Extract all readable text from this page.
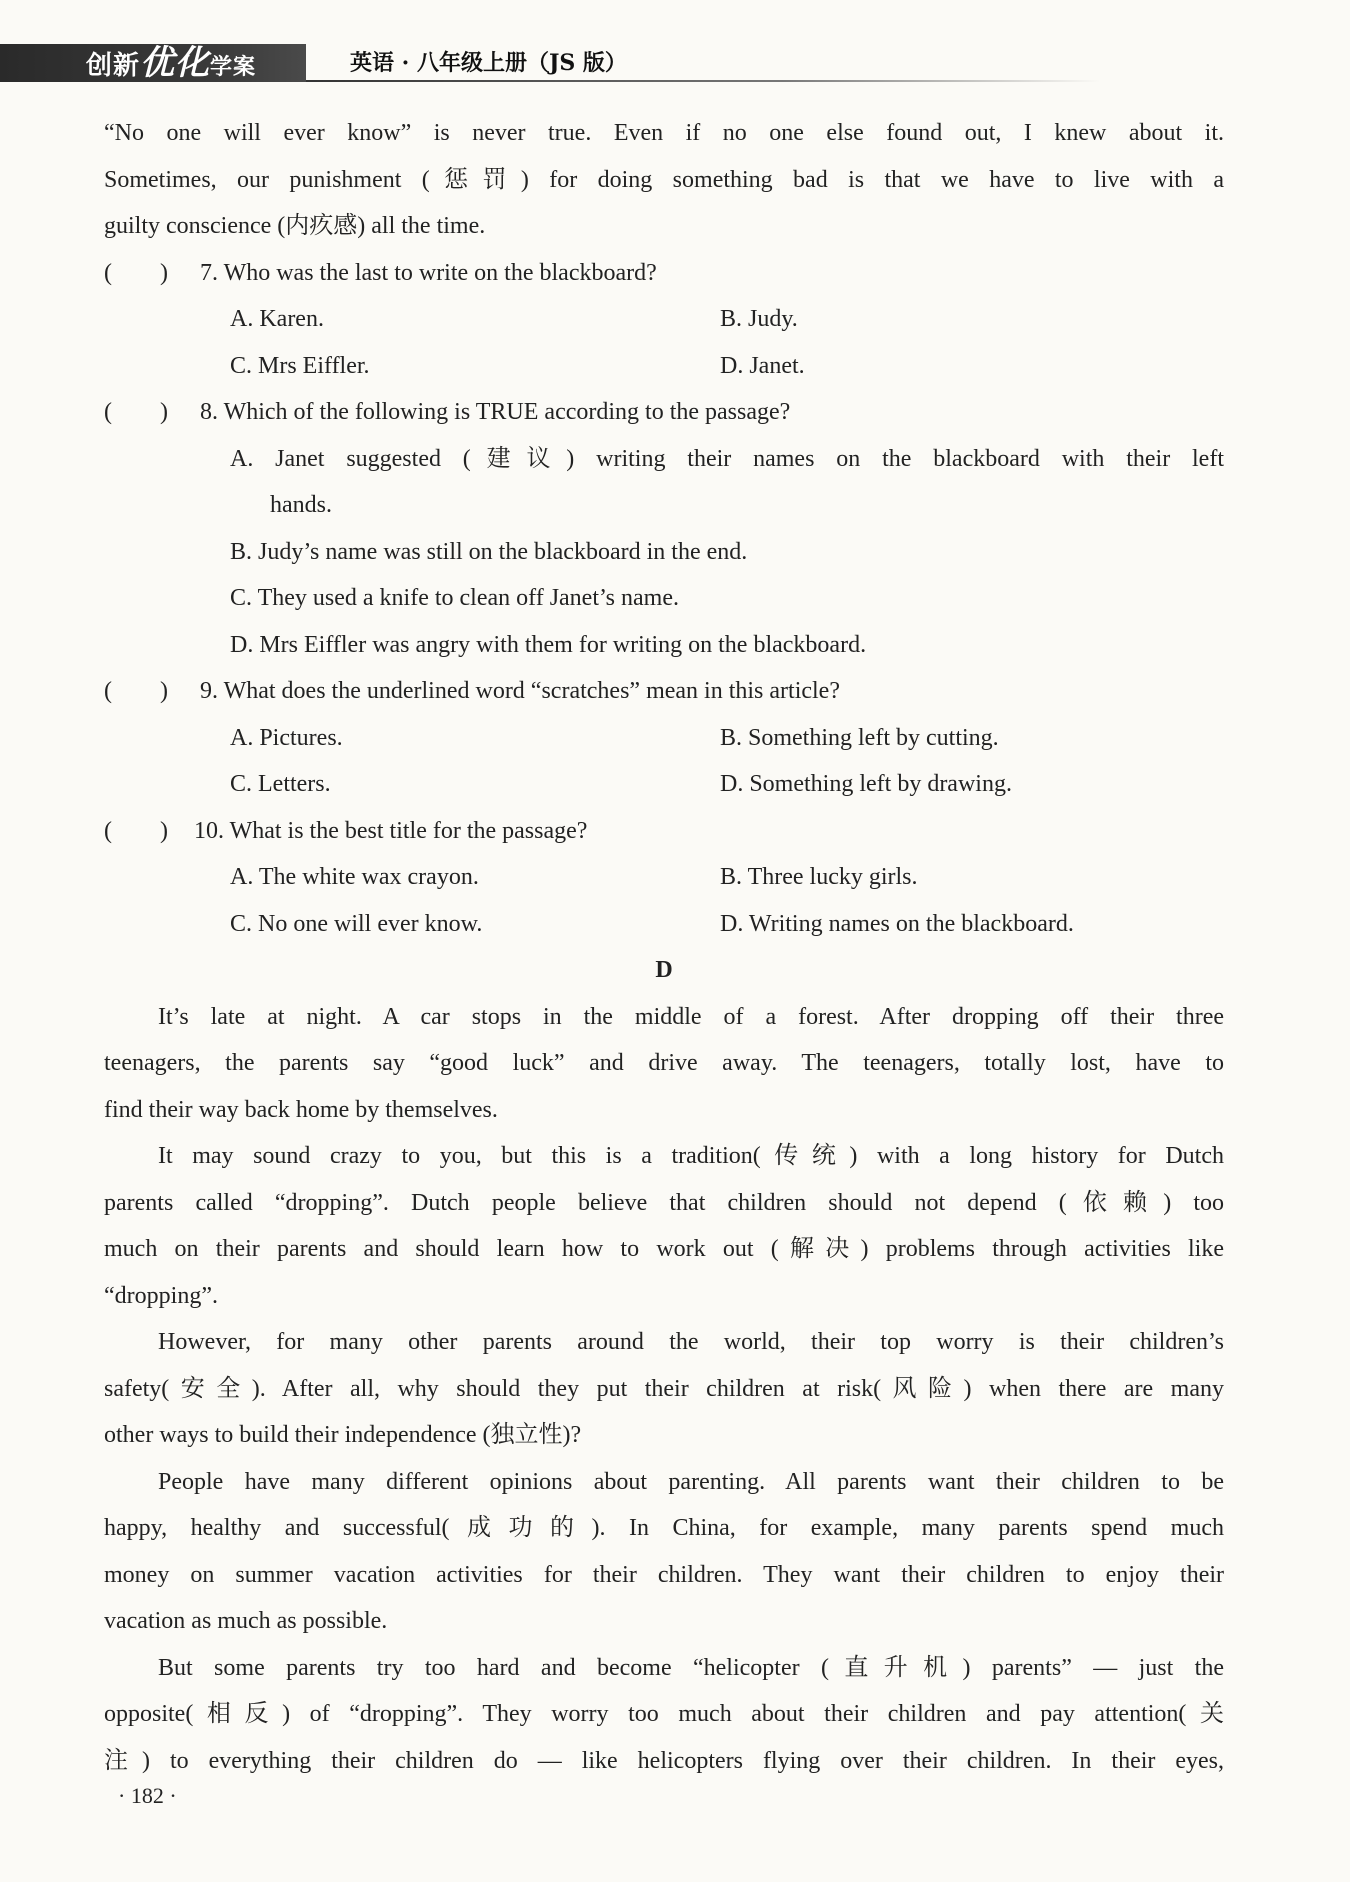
创新优化学案	英语 · 八年级上册（JS 版）
“No one will ever know” is never true. Even if no one else found out, I knew about it.
Sometimes, our punishment (惩罚) for doing something bad is that we have to live with a
guilty conscience (内疚感) all the time.
(　　) 7. Who was the last to write on the blackboard?
A. Karen.	B. Judy.
C. Mrs Eiffler.	D. Janet.
(　　) 8. Which of the following is TRUE according to the passage?
A. Janet suggested (建议) writing their names on the blackboard with their left
hands.
B. Judy’s name was still on the blackboard in the end.
C. They used a knife to clean off Janet’s name.
D. Mrs Eiffler was angry with them for writing on the blackboard.
(　　) 9. What does the underlined word “scratches” mean in this article?
A. Pictures.	B. Something left by cutting.
C. Letters.	D. Something left by drawing.
(　　) 10. What is the best title for the passage?
A. The white wax crayon.	B. Three lucky girls.
C. No one will ever know.	D. Writing names on the blackboard.
D
It’s late at night. A car stops in the middle of a forest. After dropping off their three
teenagers, the parents say “good luck” and drive away. The teenagers, totally lost, have to
find their way back home by themselves.
It may sound crazy to you, but this is a tradition(传统) with a long history for Dutch
parents called “dropping”. Dutch people believe that children should not depend (依赖) too
much on their parents and should learn how to work out (解决) problems through activities like
“dropping”.
However, for many other parents around the world, their top worry is their children’s
safety(安全). After all, why should they put their children at risk(风险) when there are many
other ways to build their independence (独立性)?
People have many different opinions about parenting. All parents want their children to be
happy, healthy and successful(成功的). In China, for example, many parents spend much
money on summer vacation activities for their children. They want their children to enjoy their
vacation as much as possible.
But some parents try too hard and become “helicopter (直升机) parents” — just the
opposite(相反) of “dropping”. They worry too much about their children and pay attention(关
注) to everything their children do — like helicopters flying over their children. In their eyes,
· 182 ·
